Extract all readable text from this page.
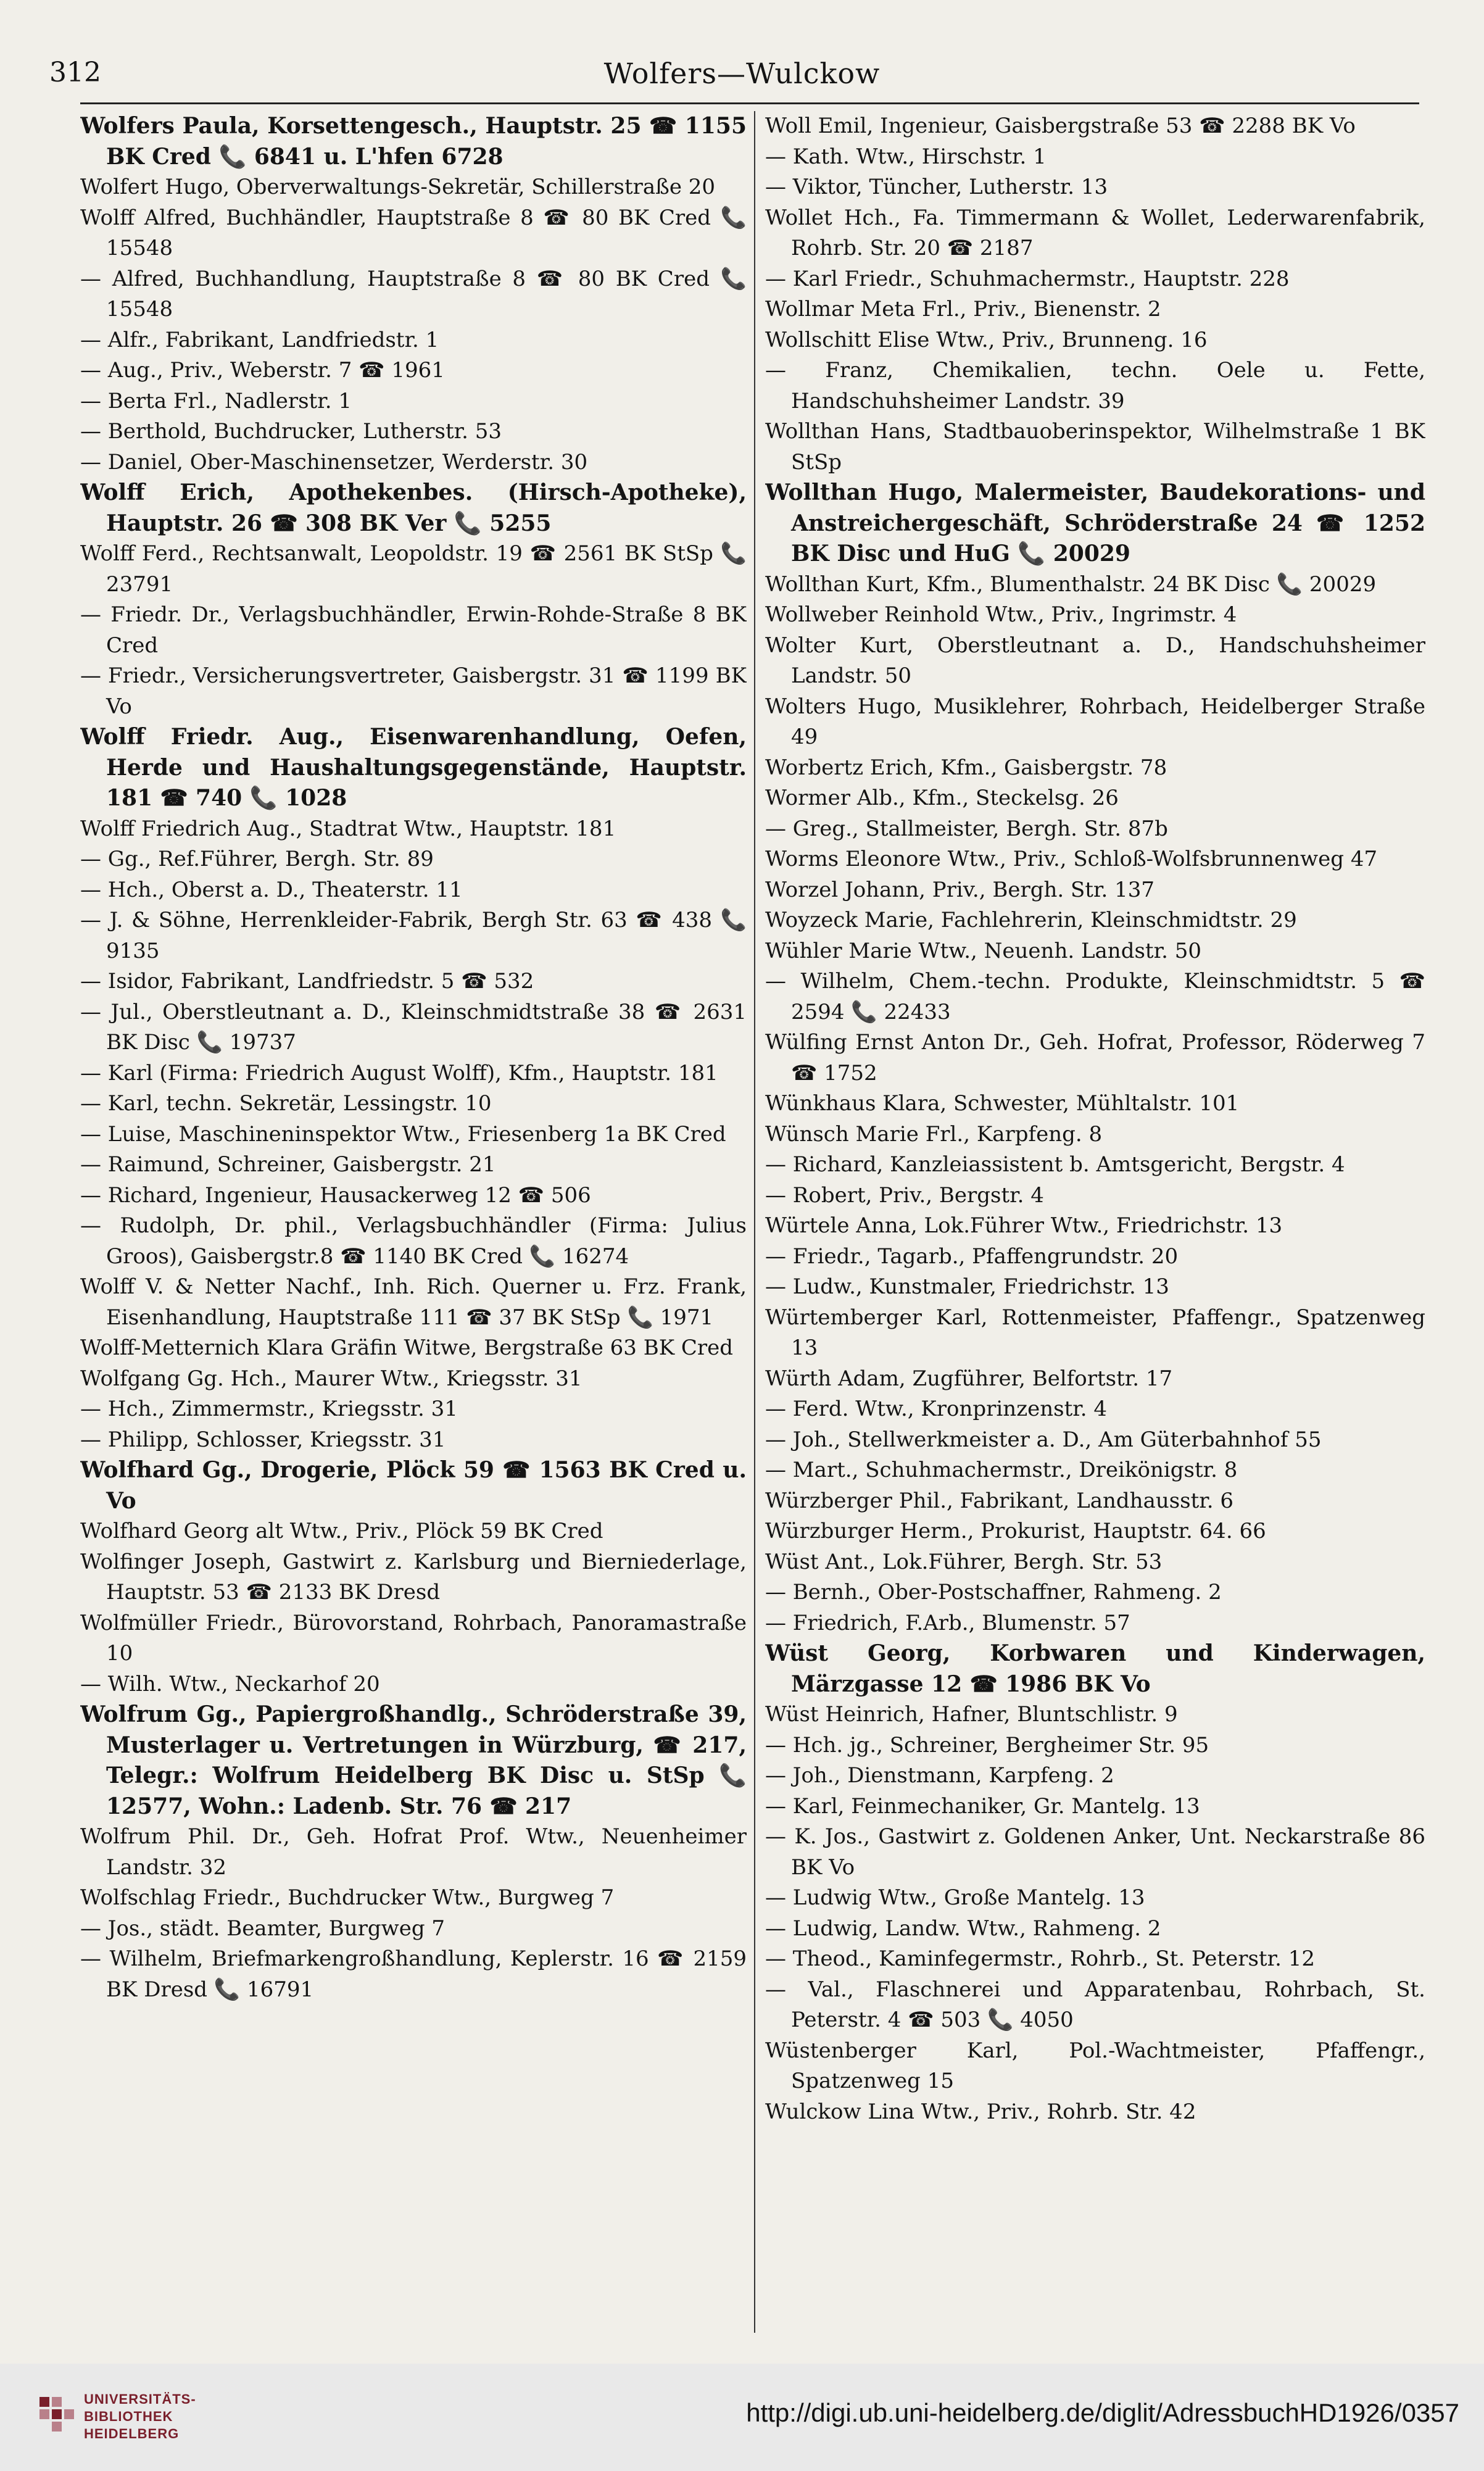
312	Wolfers—Wulckow

Wolfers Paula, Korsettengesch., Hauptstr. 25 ☎ 1155 BK Cred 📞 6841 u. L'hfen 6728

Wolfert Hugo, Oberverwaltungs-Sekretär, Schillerstraße 20

Wolff Alfred, Buchhändler, Hauptstraße 8 ☎ 80 BK Cred 📞 15548

— Alfred, Buchhandlung, Hauptstraße 8 ☎ 80 BK Cred 📞 15548

— Alfr., Fabrikant, Landfriedstr. 1

— Aug., Priv., Weberstr. 7 ☎ 1961

— Berta Frl., Nadlerstr. 1

— Berthold, Buchdrucker, Lutherstr. 53

— Daniel, Ober-Maschinensetzer, Werderstr. 30

Wolff Erich, Apothekenbes. (Hirsch-Apotheke), Hauptstr. 26 ☎ 308 BK Ver 📞 5255

Wolff Ferd., Rechtsanwalt, Leopoldstr. 19 ☎ 2561 BK StSp 📞 23791

— Friedr. Dr., Verlagsbuchhändler, Erwin-Rohde-Straße 8 BK Cred

— Friedr., Versicherungsvertreter, Gaisbergstr. 31 ☎ 1199 BK Vo

Wolff Friedr. Aug., Eisenwarenhandlung, Oefen, Herde und Haushaltungsgegenstände, Hauptstr. 181 ☎ 740 📞 1028

Wolff Friedrich Aug., Stadtrat Wtw., Hauptstr. 181

— Gg., Ref.Führer, Bergh. Str. 89

— Hch., Oberst a. D., Theaterstr. 11

— J. & Söhne, Herrenkleider-Fabrik, Bergh Str. 63 ☎ 438 📞 9135

— Isidor, Fabrikant, Landfriedstr. 5 ☎ 532

— Jul., Oberstleutnant a. D., Kleinschmidtstraße 38 ☎ 2631 BK Disc 📞 19737

— Karl (Firma: Friedrich August Wolff), Kfm., Hauptstr. 181

— Karl, techn. Sekretär, Lessingstr. 10

— Luise, Maschineninspektor Wtw., Friesenberg 1a BK Cred

— Raimund, Schreiner, Gaisbergstr. 21

— Richard, Ingenieur, Hausackerweg 12 ☎ 506

— Rudolph, Dr. phil., Verlagsbuchhändler (Firma: Julius Groos), Gaisbergstr.8 ☎ 1140 BK Cred 📞 16274

Wolff V. & Netter Nachf., Inh. Rich. Querner u. Frz. Frank, Eisenhandlung, Hauptstraße 111 ☎ 37 BK StSp 📞 1971

Wolff-Metternich Klara Gräfin Witwe, Bergstraße 63 BK Cred

Wolfgang Gg. Hch., Maurer Wtw., Kriegsstr. 31

— Hch., Zimmermstr., Kriegsstr. 31

— Philipp, Schlosser, Kriegsstr. 31

Wolfhard Gg., Drogerie, Plöck 59 ☎ 1563 BK Cred u. Vo

Wolfhard Georg alt Wtw., Priv., Plöck 59 BK Cred

Wolfinger Joseph, Gastwirt z. Karlsburg und Bierniederlage, Hauptstr. 53 ☎ 2133 BK Dresd

Wolfmüller Friedr., Bürovorstand, Rohrbach, Panoramastraße 10

— Wilh. Wtw., Neckarhof 20

Wolfrum Gg., Papiergroßhandlg., Schröderstraße 39, Musterlager u. Vertretungen in Würzburg, ☎ 217, Telegr.: Wolfrum Heidelberg BK Disc u. StSp 📞 12577, Wohn.: Ladenb. Str. 76 ☎ 217

Wolfrum Phil. Dr., Geh. Hofrat Prof. Wtw., Neuenheimer Landstr. 32

Wolfschlag Friedr., Buchdrucker Wtw., Burgweg 7

— Jos., städt. Beamter, Burgweg 7

— Wilhelm, Briefmarkengroßhandlung, Keplerstr. 16 ☎ 2159 BK Dresd 📞 16791

Woll Emil, Ingenieur, Gaisbergstraße 53 ☎ 2288 BK Vo

— Kath. Wtw., Hirschstr. 1

— Viktor, Tüncher, Lutherstr. 13

Wollet Hch., Fa. Timmermann & Wollet, Lederwarenfabrik, Rohrb. Str. 20 ☎ 2187

— Karl Friedr., Schuhmachermstr., Hauptstr. 228

Wollmar Meta Frl., Priv., Bienenstr. 2

Wollschitt Elise Wtw., Priv., Brunneng. 16

— Franz, Chemikalien, techn. Oele u. Fette, Handschuhsheimer Landstr. 39

Wollthan Hans, Stadtbauoberinspektor, Wilhelmstraße 1 BK StSp

Wollthan Hugo, Malermeister, Baudekorations- und Anstreichergeschäft, Schröderstraße 24 ☎ 1252 BK Disc und HuG 📞 20029

Wollthan Kurt, Kfm., Blumenthalstr. 24 BK Disc 📞 20029

Wollweber Reinhold Wtw., Priv., Ingrimstr. 4

Wolter Kurt, Oberstleutnant a. D., Handschuhsheimer Landstr. 50

Wolters Hugo, Musiklehrer, Rohrbach, Heidelberger Straße 49

Worbertz Erich, Kfm., Gaisbergstr. 78

Wormer Alb., Kfm., Steckelsg. 26

— Greg., Stallmeister, Bergh. Str. 87b

Worms Eleonore Wtw., Priv., Schloß-Wolfsbrunnenweg 47

Worzel Johann, Priv., Bergh. Str. 137

Woyzeck Marie, Fachlehrerin, Kleinschmidtstr. 29

Wühler Marie Wtw., Neuenh. Landstr. 50

— Wilhelm, Chem.-techn. Produkte, Kleinschmidtstr. 5 ☎ 2594 📞 22433

Wülfing Ernst Anton Dr., Geh. Hofrat, Professor, Röderweg 7 ☎ 1752

Wünkhaus Klara, Schwester, Mühltalstr. 101

Wünsch Marie Frl., Karpfeng. 8

— Richard, Kanzleiassistent b. Amtsgericht, Bergstr. 4

— Robert, Priv., Bergstr. 4

Würtele Anna, Lok.Führer Wtw., Friedrichstr. 13

— Friedr., Tagarb., Pfaffengrundstr. 20

— Ludw., Kunstmaler, Friedrichstr. 13

Würtemberger Karl, Rottenmeister, Pfaffengr., Spatzenweg 13

Würth Adam, Zugführer, Belfortstr. 17

— Ferd. Wtw., Kronprinzenstr. 4

— Joh., Stellwerkmeister a. D., Am Güterbahnhof 55

— Mart., Schuhmachermstr., Dreikönigstr. 8

Würzberger Phil., Fabrikant, Landhausstr. 6

Würzburger Herm., Prokurist, Hauptstr. 64. 66

Wüst Ant., Lok.Führer, Bergh. Str. 53

— Bernh., Ober-Postschaffner, Rahmeng. 2

— Friedrich, F.Arb., Blumenstr. 57

Wüst Georg, Korbwaren und Kinderwagen, Märzgasse 12 ☎ 1986 BK Vo

Wüst Heinrich, Hafner, Bluntschlistr. 9

— Hch. jg., Schreiner, Bergheimer Str. 95

— Joh., Dienstmann, Karpfeng. 2

— Karl, Feinmechaniker, Gr. Mantelg. 13

— K. Jos., Gastwirt z. Goldenen Anker, Unt. Neckarstraße 86 BK Vo

— Ludwig Wtw., Große Mantelg. 13

— Ludwig, Landw. Wtw., Rahmeng. 2

— Theod., Kaminfegermstr., Rohrb., St. Peterstr. 12

— Val., Flaschnerei und Apparatenbau, Rohrbach, St. Peterstr. 4 ☎ 503 📞 4050

Wüstenberger Karl, Pol.-Wachtmeister, Pfaffengr., Spatzenweg 15

Wulckow Lina Wtw., Priv., Rohrb. Str. 42

UNIVERSITÄTS-
BIBLIOTHEK
HEIDELBERG
http://digi.ub.uni-heidelberg.de/diglit/AdressbuchHD1926/0357
